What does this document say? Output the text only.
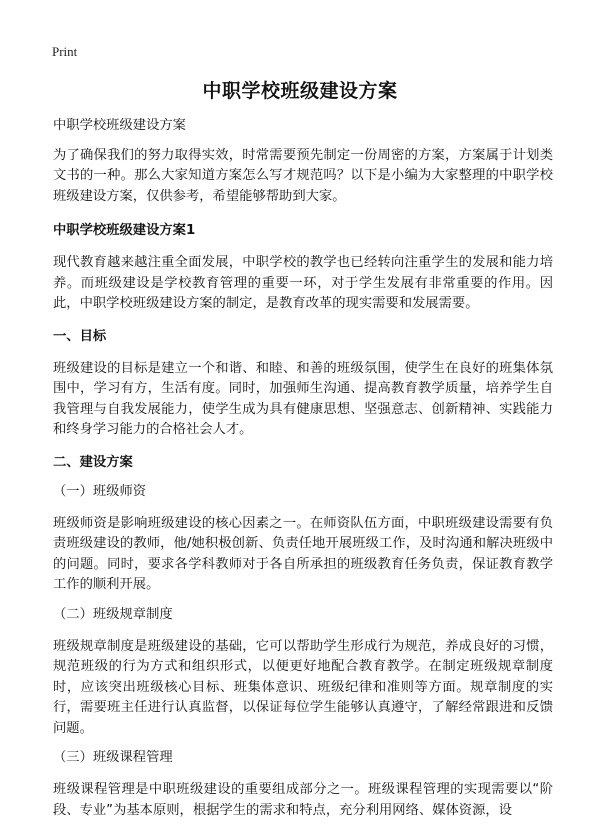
Print
中职学校班级建设方案

中职学校班级建设方案

为了确保我们的努力取得实效，时常需要预先制定一份周密的方案，方案属于计划类文书的一种。那么大家知道方案怎么写才规范吗？以下是小编为大家整理的中职学校班级建设方案，仅供参考，希望能够帮助到大家。

中职学校班级建设方案1

现代教育越来越注重全面发展，中职学校的教学也已经转向注重学生的发展和能力培养。而班级建设是学校教育管理的重要一环，对于学生发展有非常重要的作用。因此，中职学校班级建设方案的制定，是教育改革的现实需要和发展需要。

一、目标

班级建设的目标是建立一个和谐、和睦、和善的班级氛围，使学生在良好的班集体氛围中，学习有方，生活有度。同时，加强师生沟通、提高教育教学质量，培养学生自我管理与自我发展能力，使学生成为具有健康思想、坚强意志、创新精神、实践能力和终身学习能力的合格社会人才。

二、建设方案

（一）班级师资

班级师资是影响班级建设的核心因素之一。在师资队伍方面，中职班级建设需要有负责班级建设的教师，他/她积极创新、负责任地开展班级工作，及时沟通和解决班级中的问题。同时，要求各学科教师对于各自所承担的班级教育任务负责，保证教育教学工作的顺利开展。

（二）班级规章制度

班级规章制度是班级建设的基础，它可以帮助学生形成行为规范，养成良好的习惯，规范班级的行为方式和组织形式，以便更好地配合教育教学。在制定班级规章制度时，应该突出班级核心目标、班集体意识、班级纪律和准则等方面。规章制度的实行，需要班主任进行认真监督，以保证每位学生能够认真遵守，了解经常跟进和反馈问题。

（三）班级课程管理

班级课程管理是中职班级建设的重要组成部分之一。班级课程管理的实现需要以“阶段、专业”为基本原则，根据学生的需求和特点，充分利用网络、媒体资源，设
